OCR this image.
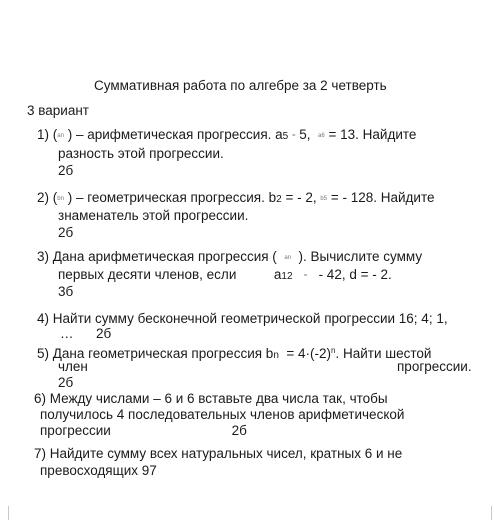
Суммативная работа по алгебре за 2 четверть
3 вариант
1) (an ) – арифметическая прогрессия. a5 = 5, a6 = 13. Найдите
разность этой прогрессии.
2б
2) (bn ) – геометрическая прогрессия. b2 = - 2, b5 = - 128. Найдите
знаменатель этой прогрессии.
2б
3) Дана арифметическая прогрессия ( an ). Вычислите сумму
первых десяти членов, если	a12 = - 42, d = - 2.
3б
4) Найти сумму бесконечной геометрической прогрессии 16; 4; 1,
… 2б
5) Дана геометрическая прогрессия bn = $4\cdot(-2)^n$. Найти шестой
член	прогрессии.
2б
6) Между числами – 6 и 6 вставьте два числа так, чтобы
получилось 4 последовательных членов арифметической
прогрессии	2б
7) Найдите сумму всех натуральных чисел, кратных 6 и не
превосходящих 97
